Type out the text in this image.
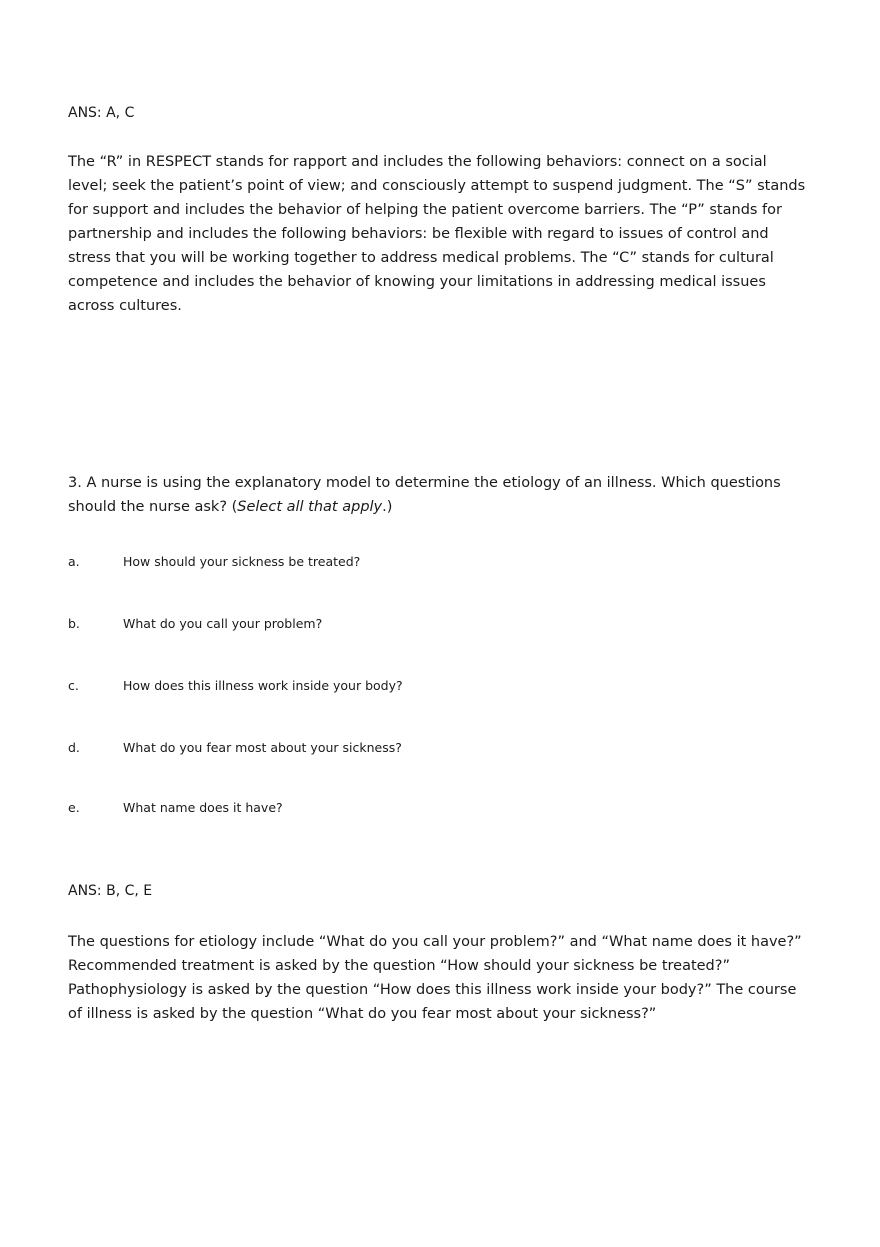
ANS: A, C

The “R” in RESPECT stands for rapport and includes the following behaviors: connect on a social level; seek the patient’s point of view; and consciously attempt to suspend judgment. The “S” stands for support and includes the behavior of helping the patient overcome barriers. The “P” stands for partnership and includes the following behaviors: be flexible with regard to issues of control and stress that you will be working together to address medical problems. The “C” stands for cultural competence and includes the behavior of knowing your limitations in addressing medical issues across cultures.

3. A nurse is using the explanatory model to determine the etiology of an illness. Which questions should the nurse ask? (Select all that apply.)

a.	How should your sickness be treated?
b.	What do you call your problem?
c.	How does this illness work inside your body?
d.	What do you fear most about your sickness?
e.	What name does it have?

ANS: B, C, E

The questions for etiology include “What do you call your problem?” and “What name does it have?” Recommended treatment is asked by the question “How should your sickness be treated?” Pathophysiology is asked by the question “How does this illness work inside your body?” The course of illness is asked by the question “What do you fear most about your sickness?”
